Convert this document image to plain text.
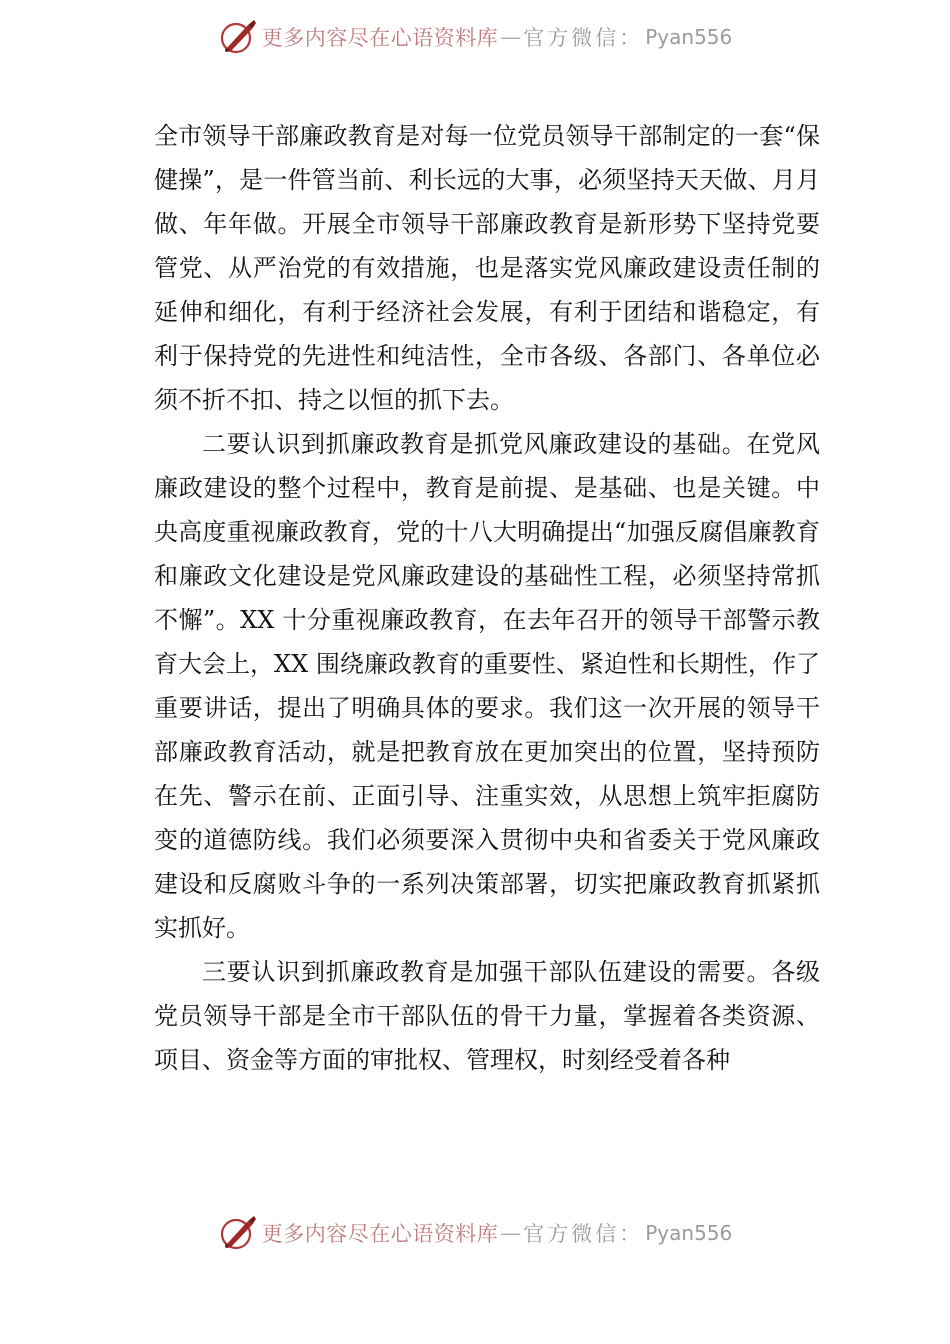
更多内容尽在心语资料库 — 官方微信： Pyan556

全市领导干部廉政教育是对每一位党员领导干部制定的一套“保健操”，是一件管当前、利长远的大事，必须坚持天天做、月月做、年年做。开展全市领导干部廉政教育是新形势下坚持党要管党、从严治党的有效措施，也是落实党风廉政建设责任制的延伸和细化，有利于经济社会发展，有利于团结和谐稳定，有利于保持党的先进性和纯洁性，全市各级、各部门、各单位必须不折不扣、持之以恒的抓下去。

二要认识到抓廉政教育是抓党风廉政建设的基础。在党风廉政建设的整个过程中，教育是前提、是基础、也是关键。中央高度重视廉政教育，党的十八大明确提出“加强反腐倡廉教育和廉政文化建设是党风廉政建设的基础性工程，必须坚持常抓不懈”。XX 十分重视廉政教育，在去年召开的领导干部警示教育大会上，XX 围绕廉政教育的重要性、紧迫性和长期性，作了重要讲话，提出了明确具体的要求。我们这一次开展的领导干部廉政教育活动，就是把教育放在更加突出的位置，坚持预防在先、警示在前、正面引导、注重实效，从思想上筑牢拒腐防变的道德防线。我们必须要深入贯彻中央和省委关于党风廉政建设和反腐败斗争的一系列决策部署，切实把廉政教育抓紧抓实抓好。

三要认识到抓廉政教育是加强干部队伍建设的需要。各级党员领导干部是全市干部队伍的骨干力量，掌握着各类资源、项目、资金等方面的审批权、管理权，时刻经受着各种

更多内容尽在心语资料库 — 官方微信： Pyan556
